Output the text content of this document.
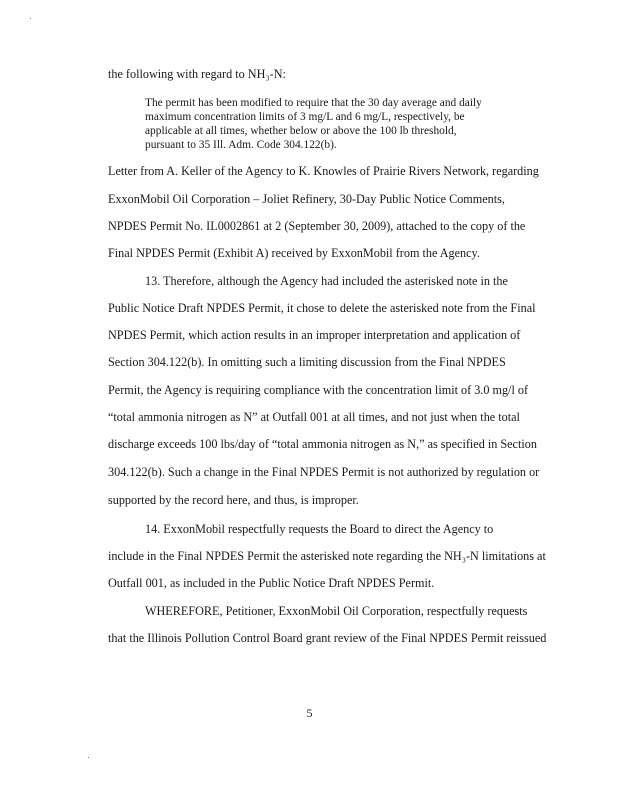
the following with regard to NH₃-N:
The permit has been modified to require that the 30 day average and daily
maximum concentration limits of 3 mg/L and 6 mg/L, respectively, be
applicable at all times, whether below or above the 100 lb threshold,
pursuant to 35 Ill. Adm. Code 304.122(b).
Letter from A. Keller of the Agency to K. Knowles of Prairie Rivers Network, regarding
ExxonMobil Oil Corporation – Joliet Refinery, 30-Day Public Notice Comments,
NPDES Permit No. IL0002861 at 2 (September 30, 2009), attached to the copy of the
Final NPDES Permit (Exhibit A) received by ExxonMobil from the Agency.
13. Therefore, although the Agency had included the asterisked note in the
Public Notice Draft NPDES Permit, it chose to delete the asterisked note from the Final
NPDES Permit, which action results in an improper interpretation and application of
Section 304.122(b). In omitting such a limiting discussion from the Final NPDES
Permit, the Agency is requiring compliance with the concentration limit of 3.0 mg/l of
“total ammonia nitrogen as N” at Outfall 001 at all times, and not just when the total
discharge exceeds 100 lbs/day of “total ammonia nitrogen as N,” as specified in Section
304.122(b). Such a change in the Final NPDES Permit is not authorized by regulation or
supported by the record here, and thus, is improper.
14. ExxonMobil respectfully requests the Board to direct the Agency to
include in the Final NPDES Permit the asterisked note regarding the NH₃-N limitations at
Outfall 001, as included in the Public Notice Draft NPDES Permit.
WHEREFORE, Petitioner, ExxonMobil Oil Corporation, respectfully requests
that the Illinois Pollution Control Board grant review of the Final NPDES Permit reissued
5
